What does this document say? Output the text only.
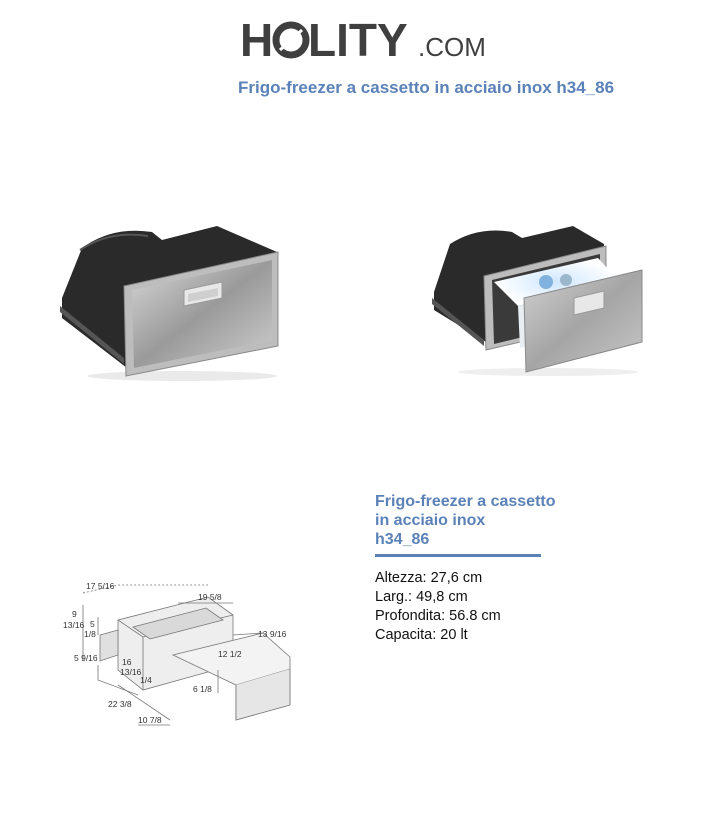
H LITY .COM
Frigo-freezer a cassetto in acciaio inox h34_86
17 5/16
9
13/16 5
1/8
5 9/16	16
13/16
1/4
22 3/8
10 7/8
19 5/8
12 1/2
13 9/16
6 1/8
Frigo-freezer a cassetto
in acciaio inox
h34_86
Altezza: 27,6 cm
Larg.: 49,8 cm
Profondita: 56.8 cm
Capacita: 20 lt
